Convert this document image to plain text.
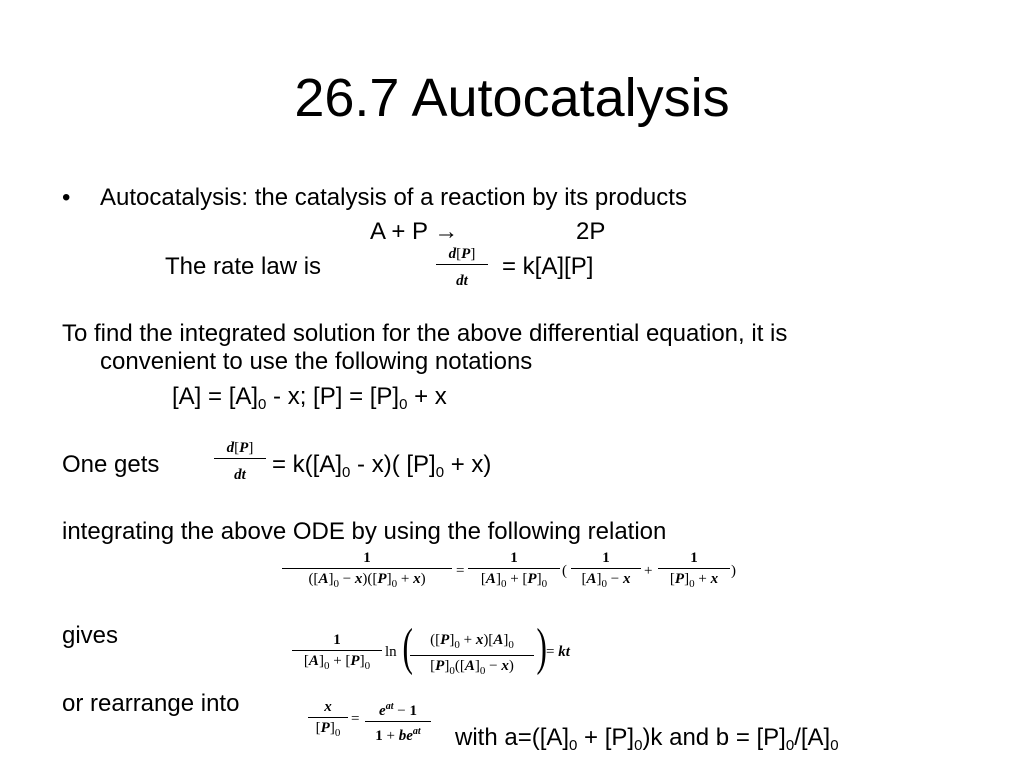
26.7 Autocatalysis
• Autocatalysis: the catalysis of a reaction by its products
A + P →	2P
The rate law is	d[P]
dt
= k[A][P]
To find the integrated solution for the above differential equation, it is
convenient to use the following notations
$[A] = [A]_0 - x$; $[P] = [P]_0 + x$
One gets
d[P]
dt	= $k([A]_0 - x)$( $[P]_0 + x$)
integrating the above ODE by using the following relation
1
$([A]_0 - x)([P]_0 + x)$	=
1
$[A]_0 + [P]_0$
(
1
$[A]_0 - x$ +
1
$[P]_0 + x$ )
gives	1
$[A]_0 + [P]_0$
ln (	$([P]_0 + x)[A]_0$
$[P]_0([A]_0 - x)$ ) = kt
or rearrange into	x
$[P]_0$
=	$e^{at} - 1$
$1 + be^{at}$	with $a=([A]_0 + [P]_0)k$ and $b = [P]_0/[A]_0$
